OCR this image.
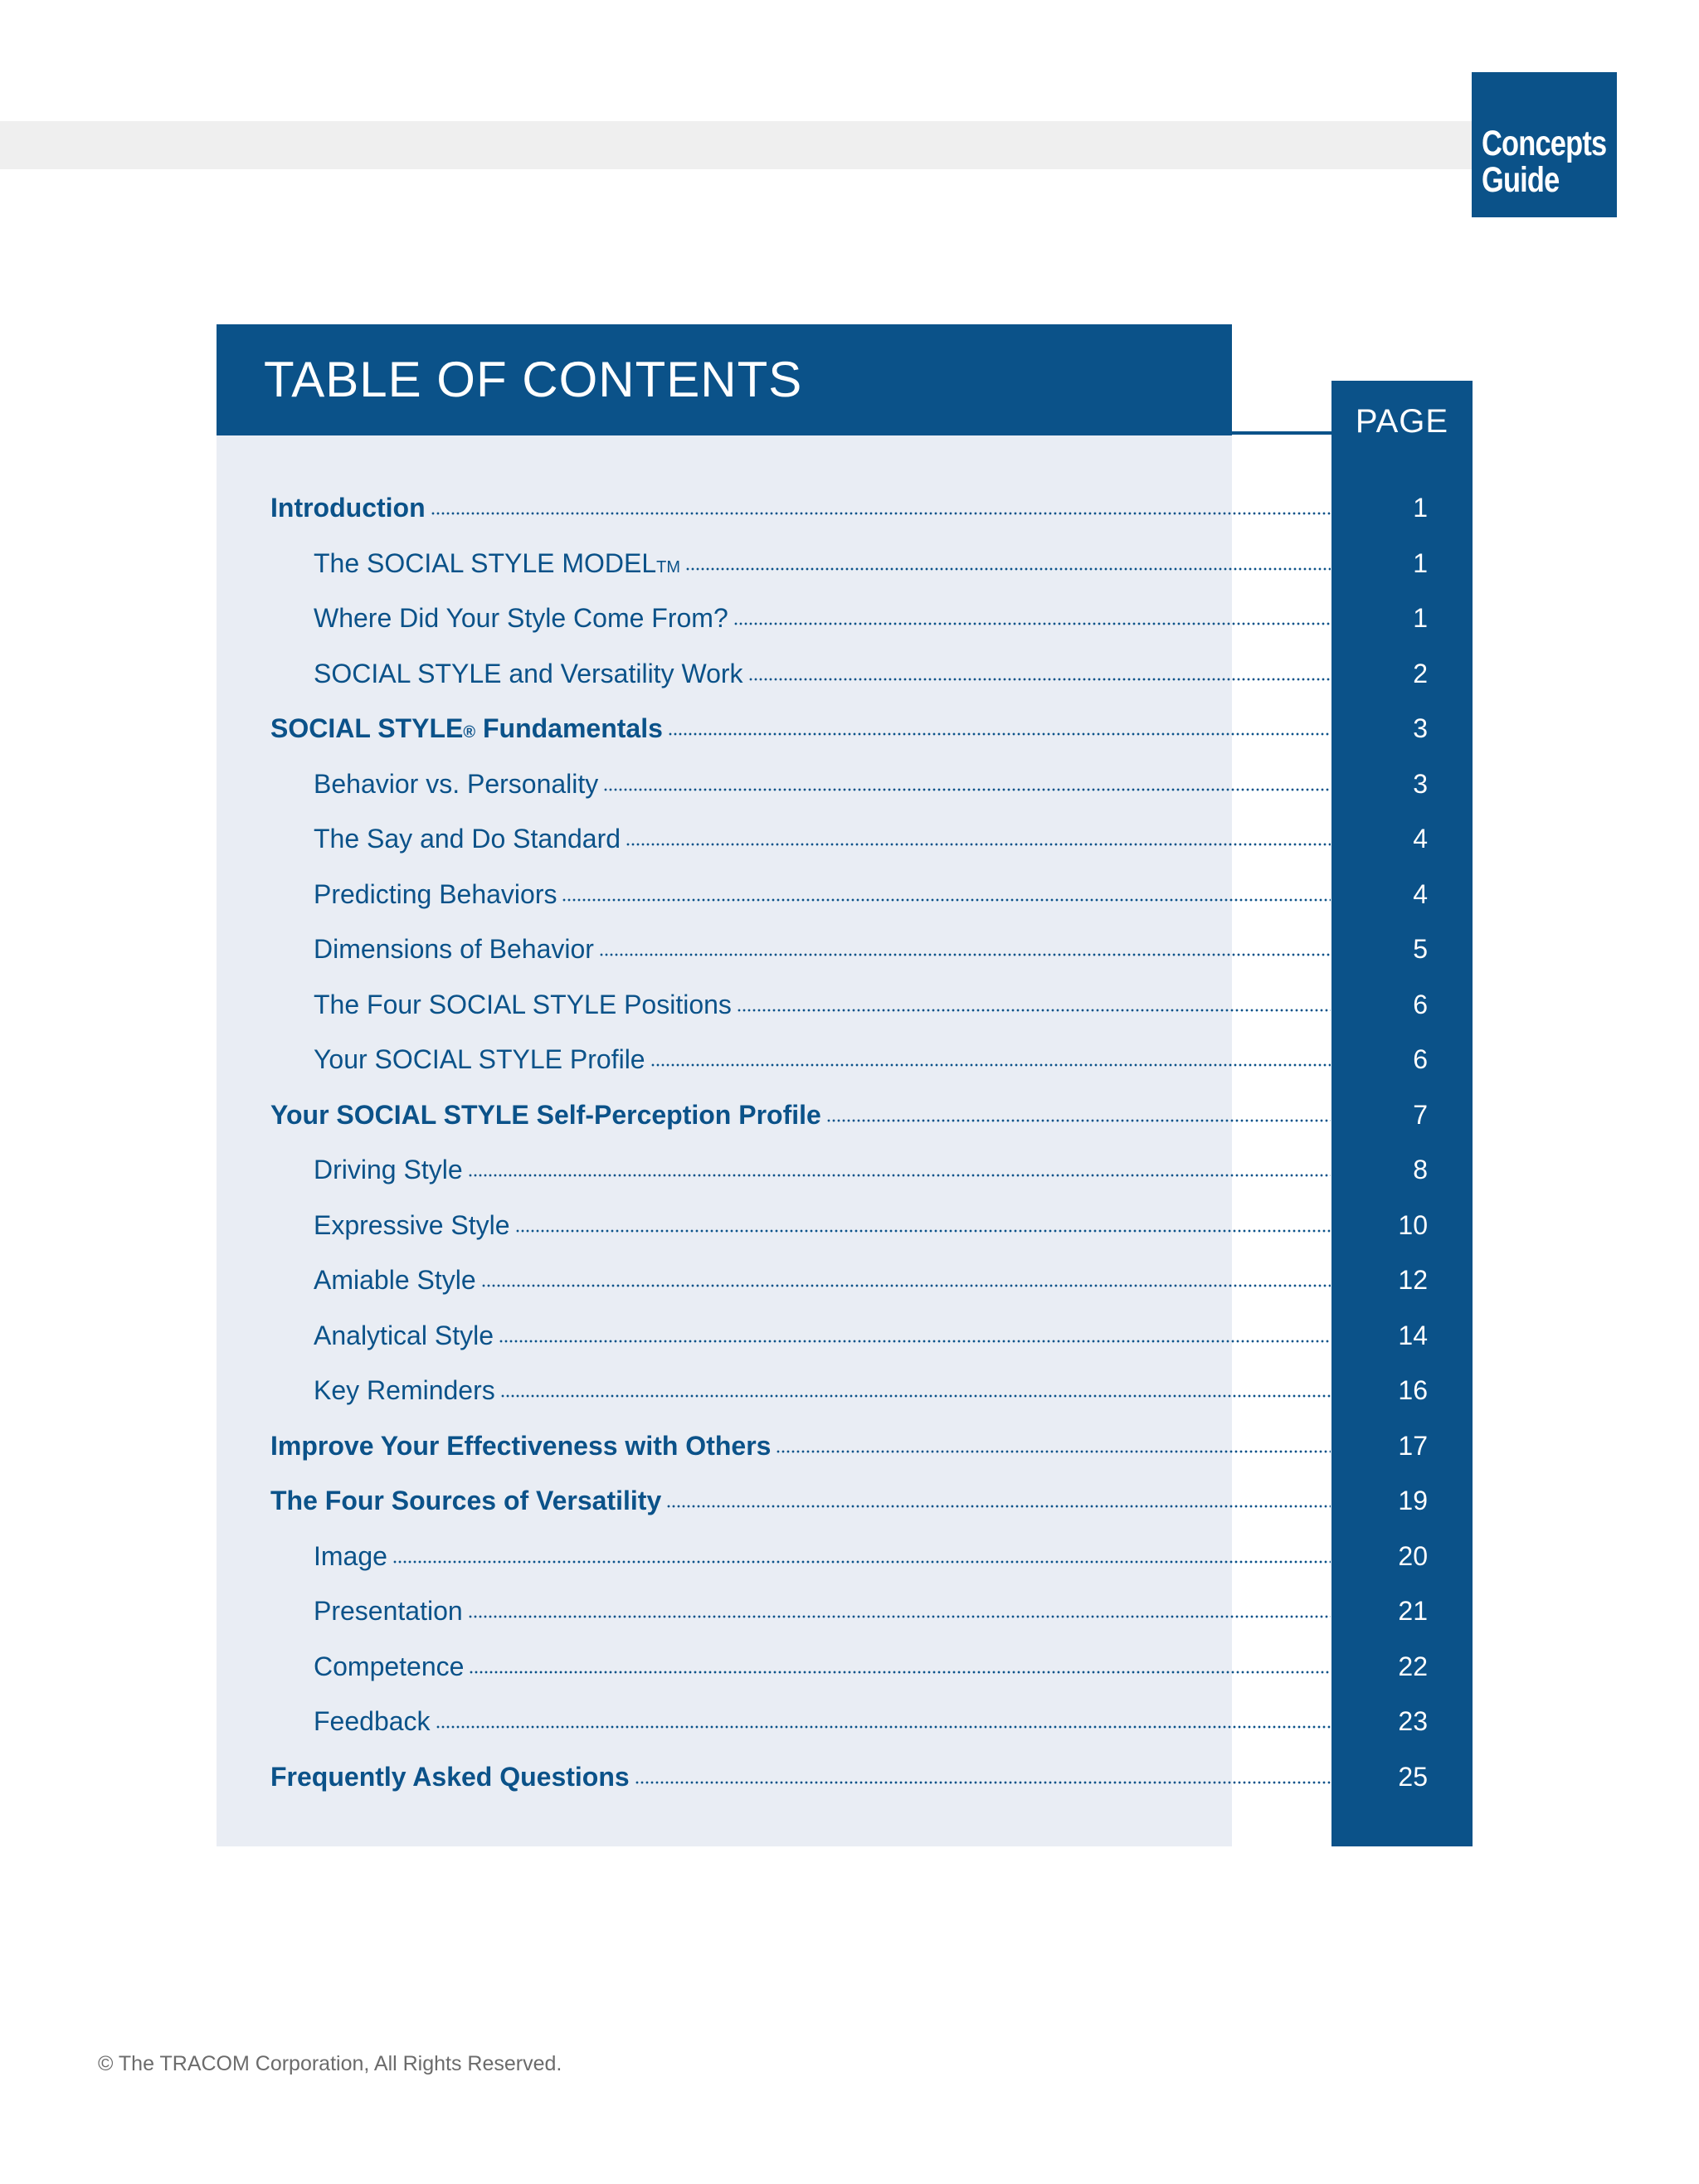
Concepts
Guide
TABLE OF CONTENTS
PAGE
Introduction	1
The SOCIAL STYLE MODEL TM	1
Where Did Your Style Come From?	1
SOCIAL STYLE and Versatility Work	2
SOCIAL STYLE ® Fundamentals	3
Behavior vs. Personality	3
The Say and Do Standard	4
Predicting Behaviors	4
Dimensions of Behavior	5
The Four SOCIAL STYLE Positions	6
Your SOCIAL STYLE Profile	6
Your SOCIAL STYLE Self-Perception Profile	7
Driving Style	8
Expressive Style	10
Amiable Style	12
Analytical Style	14
Key Reminders	16
Improve Your Effectiveness with Others	17
The Four Sources of Versatility	19
Image	20
Presentation	21
Competence	22
Feedback	23
Frequently Asked Questions	25
© The TRACOM Corporation, All Rights Reserved.
